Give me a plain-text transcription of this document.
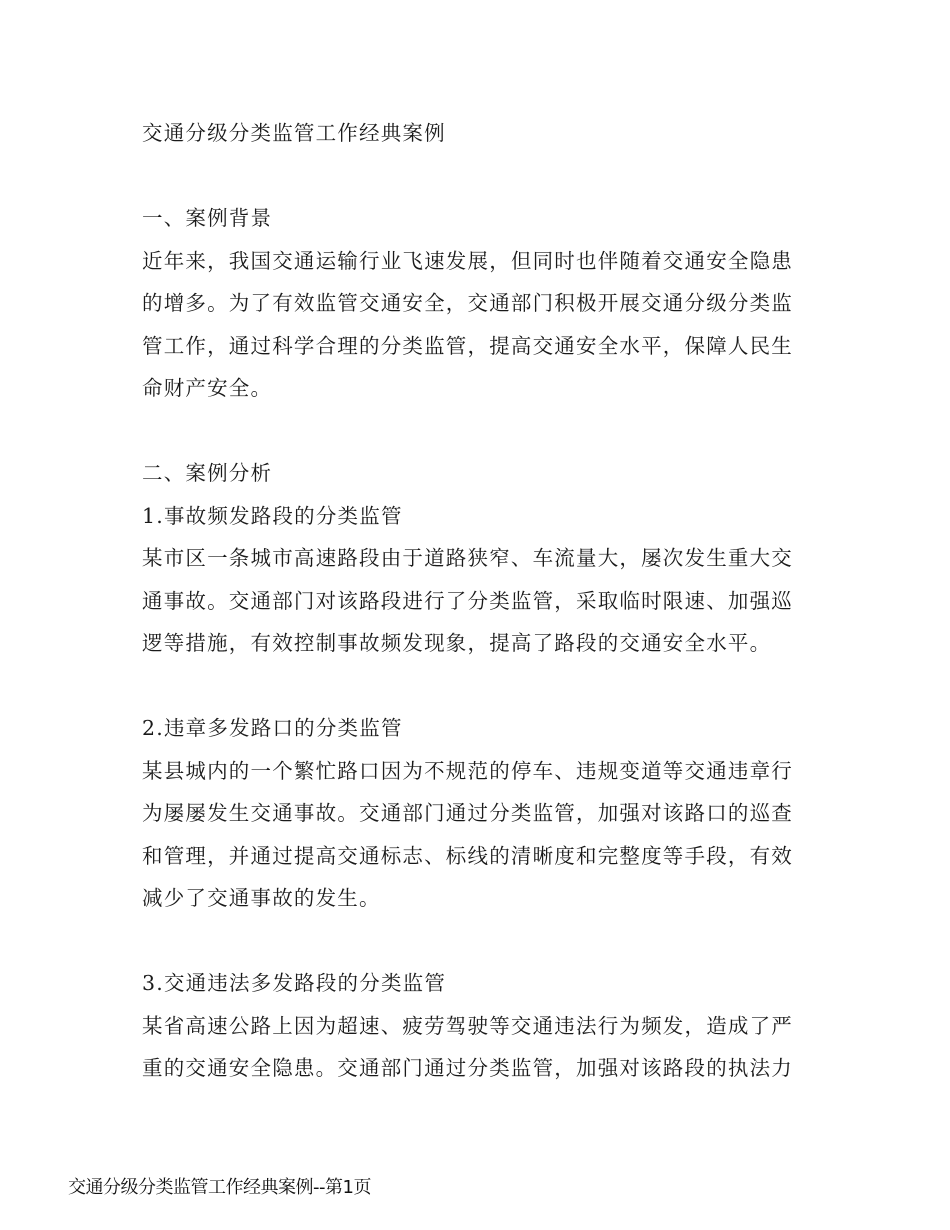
交通分级分类监管工作经典案例
一、案例背景
近年来，我国交通运输行业飞速发展，但同时也伴随着交通安全隐患
的增多。为了有效监管交通安全，交通部门积极开展交通分级分类监
管工作，通过科学合理的分类监管，提高交通安全水平，保障人民生
命财产安全。
二、案例分析
1.事故频发路段的分类监管
某市区一条城市高速路段由于道路狭窄、车流量大，屡次发生重大交
通事故。交通部门对该路段进行了分类监管，采取临时限速、加强巡
逻等措施，有效控制事故频发现象，提高了路段的交通安全水平。
2.违章多发路口的分类监管
某县城内的一个繁忙路口因为不规范的停车、违规变道等交通违章行
为屡屡发生交通事故。交通部门通过分类监管，加强对该路口的巡查
和管理，并通过提高交通标志、标线的清晰度和完整度等手段，有效
减少了交通事故的发生。
3.交通违法多发路段的分类监管
某省高速公路上因为超速、疲劳驾驶等交通违法行为频发，造成了严
重的交通安全隐患。交通部门通过分类监管，加强对该路段的执法力
交通分级分类监管工作经典案例--第1页
